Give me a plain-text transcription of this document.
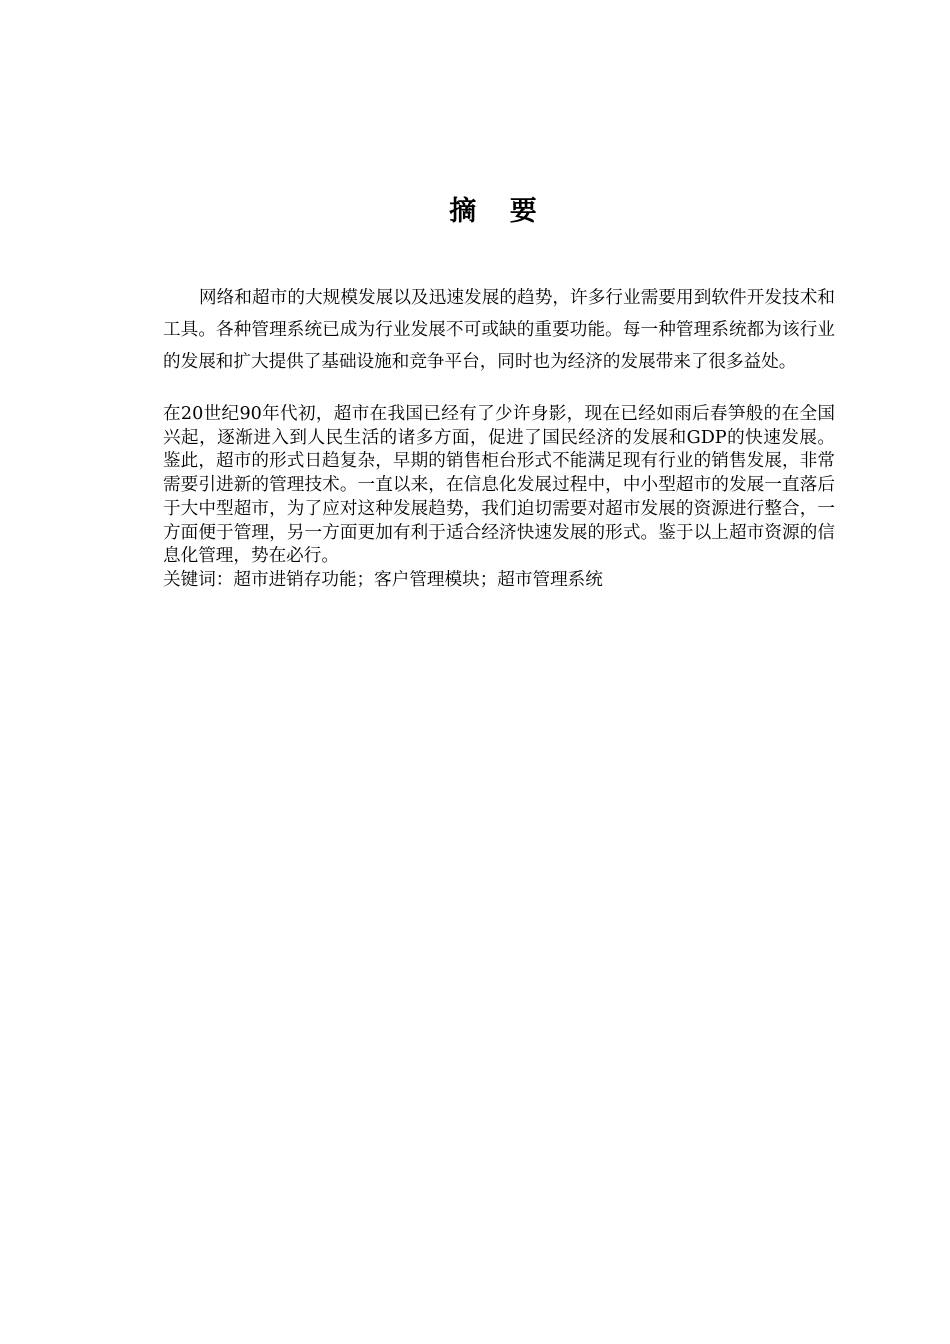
摘 要

网络和超市的大规模发展以及迅速发展的趋势，许多行业需要用到软件开发技术和工具。各种管理系统已成为行业发展不可或缺的重要功能。每一种管理系统都为该行业的发展和扩大提供了基础设施和竞争平台，同时也为经济的发展带来了很多益处。

在20世纪90年代初，超市在我国已经有了少许身影，现在已经如雨后春笋般的在全国兴起，逐渐进入到人民生活的诸多方面，促进了国民经济的发展和GDP的快速发展。鉴此，超市的形式日趋复杂，早期的销售柜台形式不能满足现有行业的销售发展，非常需要引进新的管理技术。一直以来，在信息化发展过程中，中小型超市的发展一直落后于大中型超市，为了应对这种发展趋势，我们迫切需要对超市发展的资源进行整合，一方面便于管理，另一方面更加有利于适合经济快速发展的形式。鉴于以上超市资源的信息化管理，势在必行。

关键词：超市进销存功能；客户管理模块；超市管理系统
